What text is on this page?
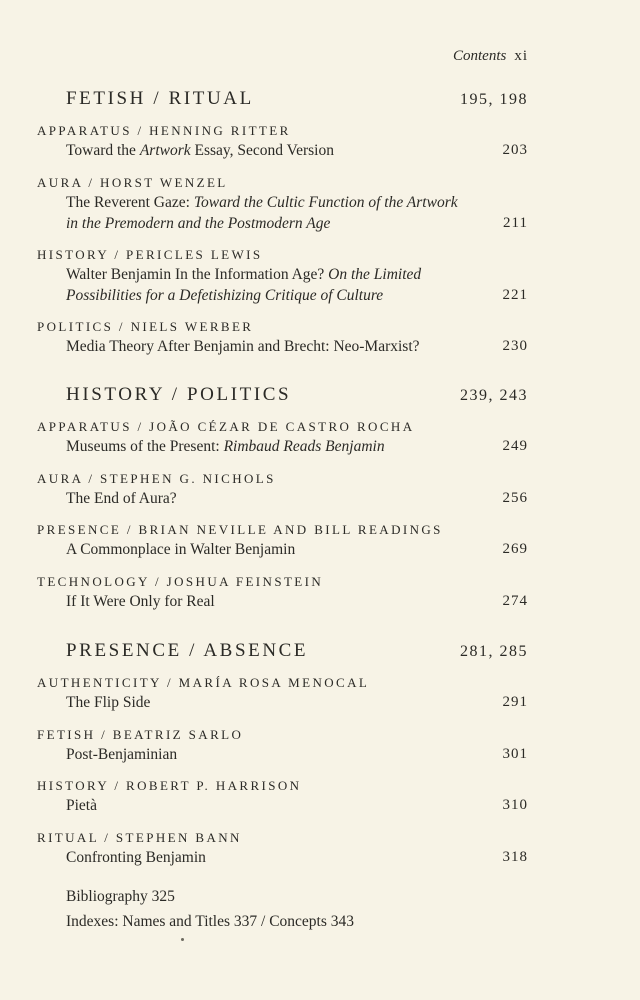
Contents xi
FETISH / RITUAL	195, 198
APPARATUS / HENNING RITTER
Toward the Artwork Essay, Second Version	203
AURA / HORST WENZEL
The Reverent Gaze: Toward the Cultic Function of the Artwork in the Premodern and the Postmodern Age	211
HISTORY / PERICLES LEWIS
Walter Benjamin In the Information Age? On the Limited Possibilities for a Defetishizing Critique of Culture	221
POLITICS / NIELS WERBER
Media Theory After Benjamin and Brecht: Neo-Marxist?	230
HISTORY / POLITICS	239, 243
APPARATUS / JOÃO CÉZAR DE CASTRO ROCHA
Museums of the Present: Rimbaud Reads Benjamin	249
AURA / STEPHEN G. NICHOLS
The End of Aura?	256
PRESENCE / BRIAN NEVILLE AND BILL READINGS
A Commonplace in Walter Benjamin	269
TECHNOLOGY / JOSHUA FEINSTEIN
If It Were Only for Real	274
PRESENCE / ABSENCE	281, 285
AUTHENTICITY / MARÍA ROSA MENOCAL
The Flip Side	291
FETISH / BEATRIZ SARLO
Post-Benjaminian	301
HISTORY / ROBERT P. HARRISON
Pietà	310
RITUAL / STEPHEN BANN
Confronting Benjamin	318
Bibliography 325
Indexes: Names and Titles 337 / Concepts 343
